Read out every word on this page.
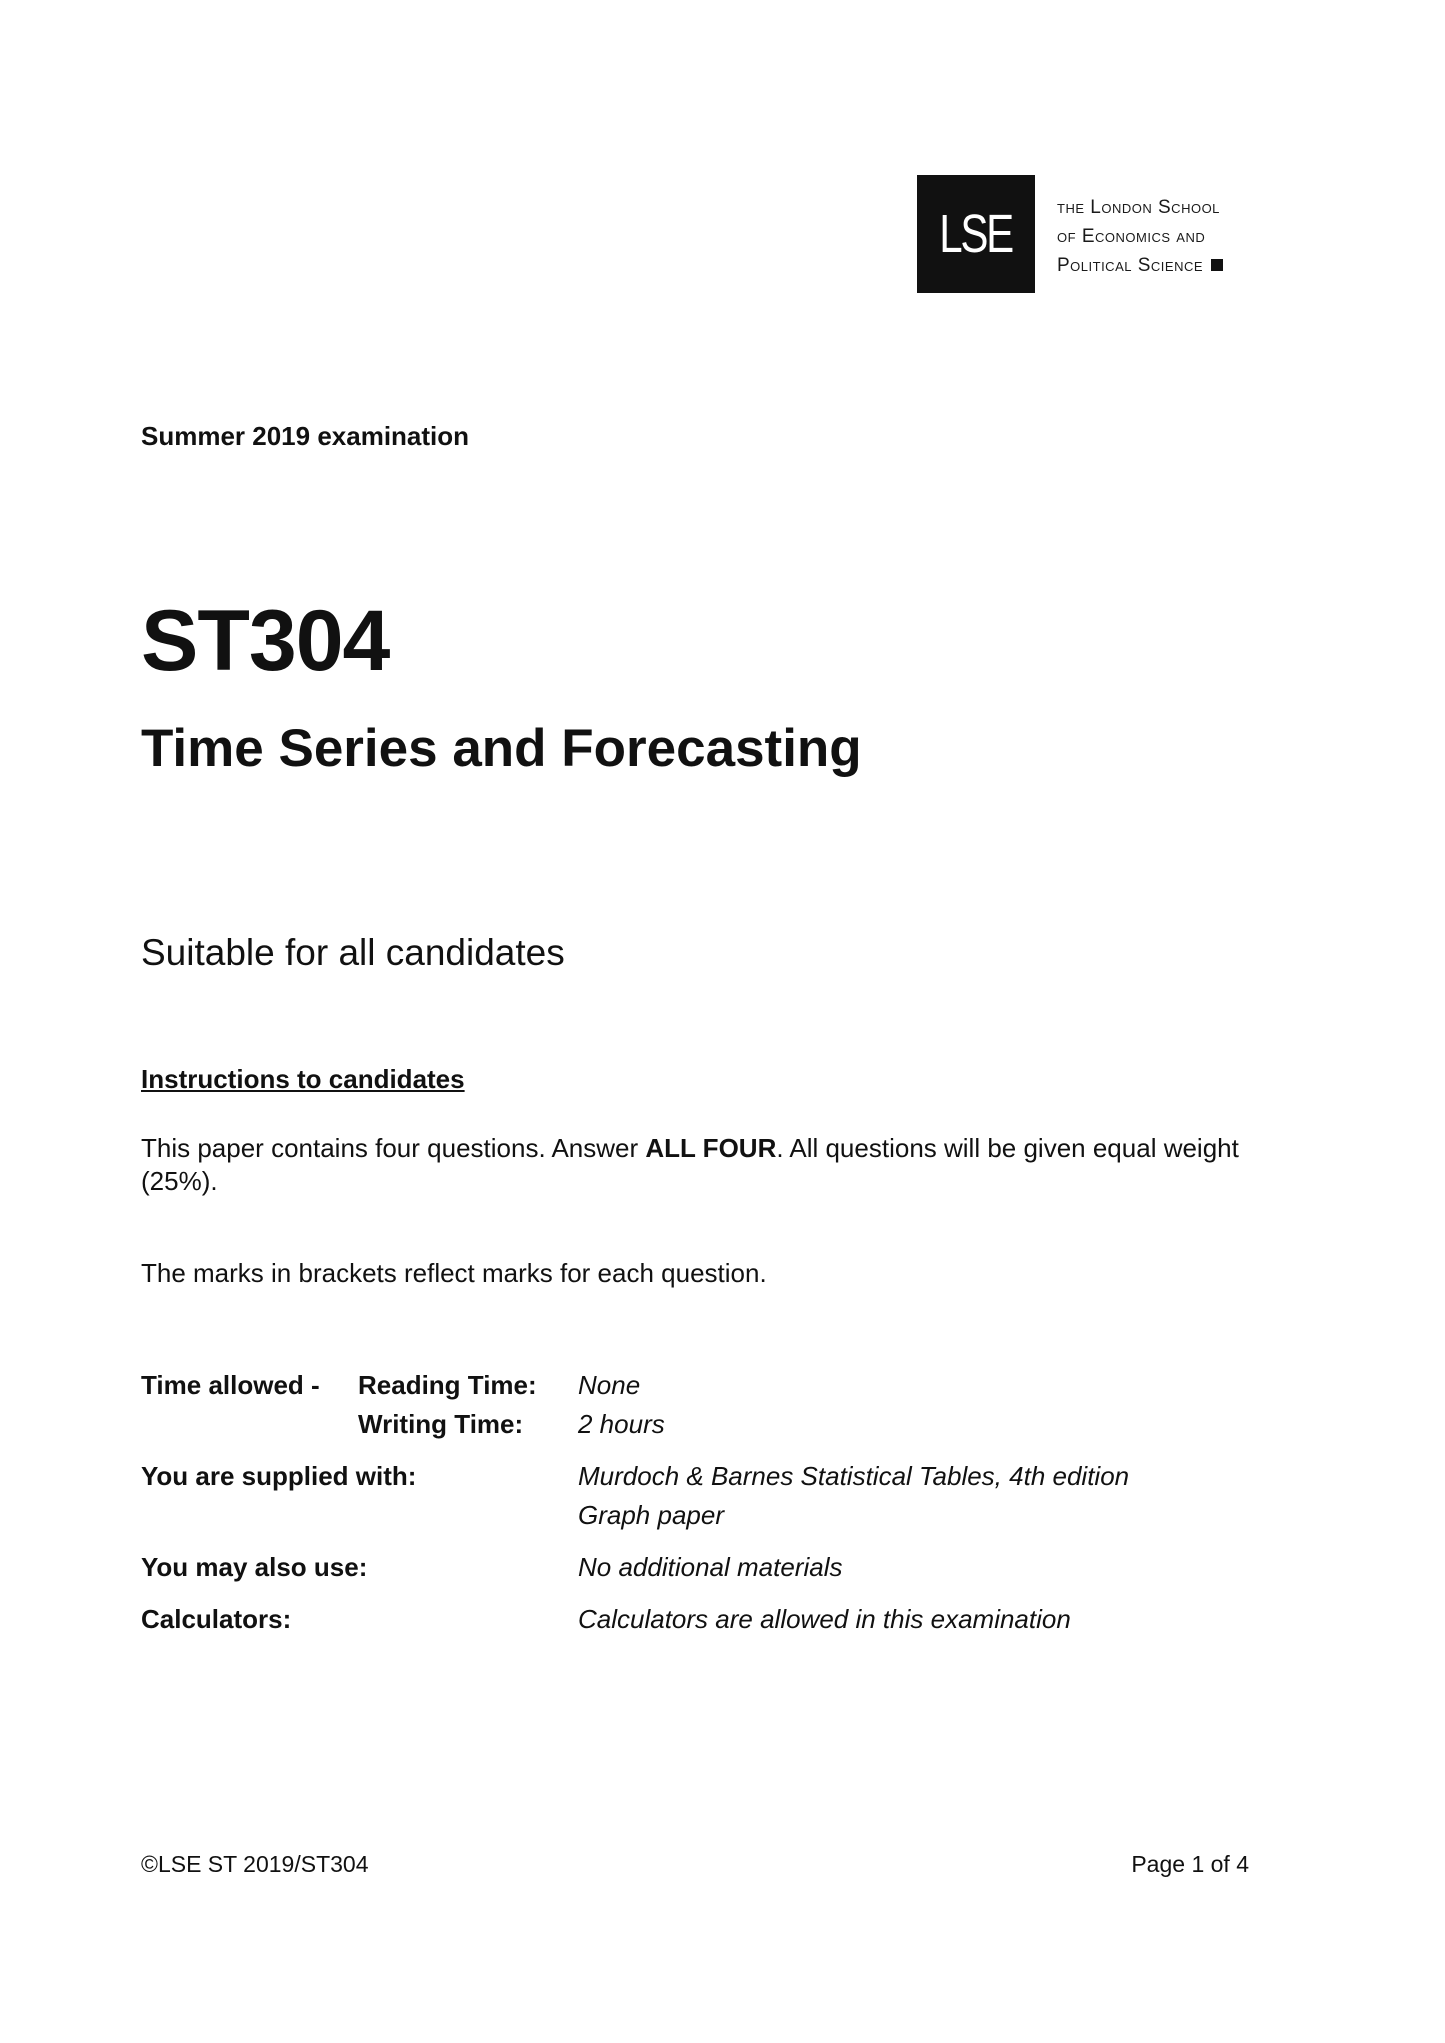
LSE the London School
of Economics and
Political Science
Summer 2019 examination
ST304
Time Series and Forecasting
Suitable for all candidates
Instructions to candidates
This paper contains four questions. Answer ALL FOUR. All questions will be given equal weight (25%).
The marks in brackets reflect marks for each question.
Time allowed - Reading Time: None
Writing Time: 2 hours
You are supplied with:	Murdoch & Barnes Statistical Tables, 4th edition
Graph paper
You may also use:	No additional materials
Calculators:	Calculators are allowed in this examination
©LSE ST 2019/ST304	Page 1 of 4
